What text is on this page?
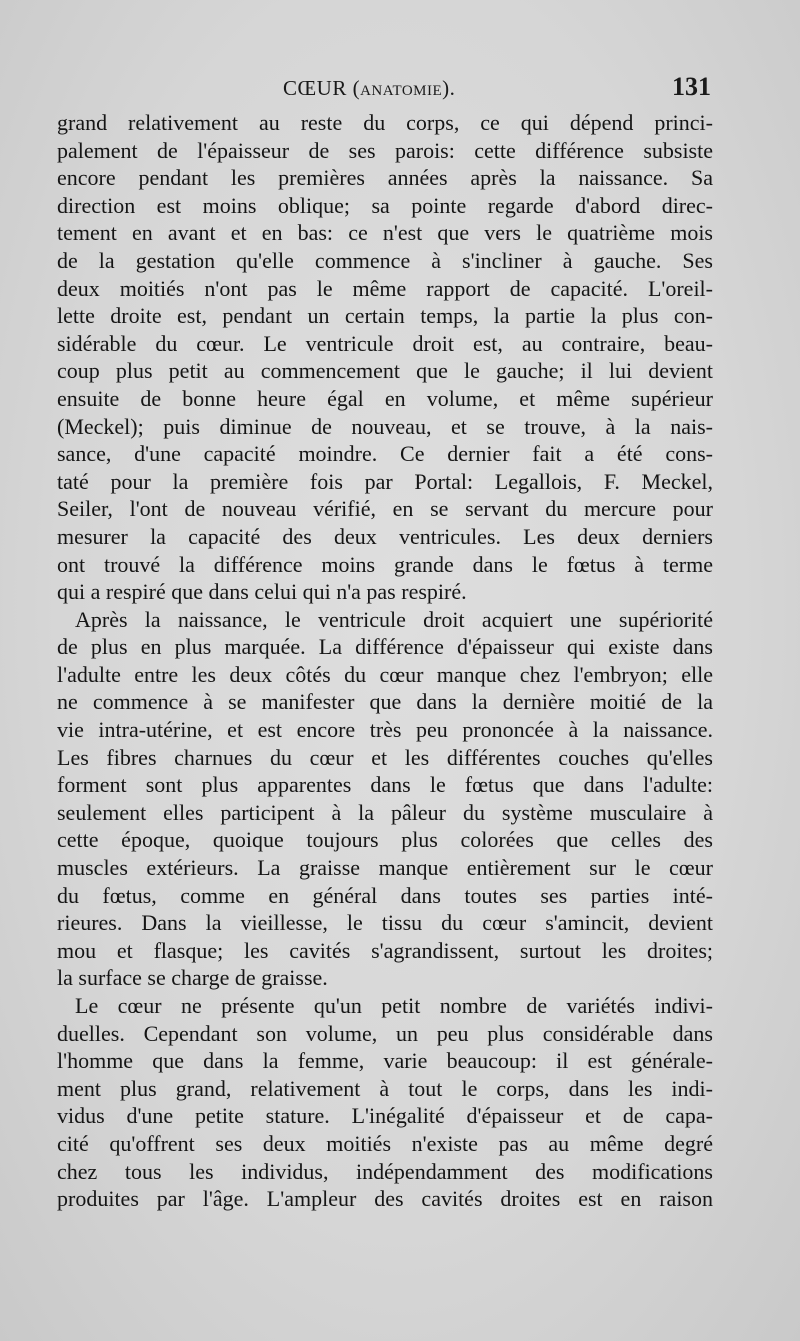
CŒUR (anatomie).	131
grand relativement au reste du corps, ce qui dépend princi-
palement de l'épaisseur de ses parois: cette différence subsiste
encore pendant les premières années après la naissance. Sa
direction est moins oblique; sa pointe regarde d'abord direc-
tement en avant et en bas: ce n'est que vers le quatrième mois
de la gestation qu'elle commence à s'incliner à gauche. Ses
deux moitiés n'ont pas le même rapport de capacité. L'oreil-
lette droite est, pendant un certain temps, la partie la plus con-
sidérable du cœur. Le ventricule droit est, au contraire, beau-
coup plus petit au commencement que le gauche; il lui devient
ensuite de bonne heure égal en volume, et même supérieur
(Meckel); puis diminue de nouveau, et se trouve, à la nais-
sance, d'une capacité moindre. Ce dernier fait a été cons-
taté pour la première fois par Portal: Legallois, F. Meckel,
Seiler, l'ont de nouveau vérifié, en se servant du mercure pour
mesurer la capacité des deux ventricules. Les deux derniers
ont trouvé la différence moins grande dans le fœtus à terme
qui a respiré que dans celui qui n'a pas respiré.
Après la naissance, le ventricule droit acquiert une supériorité
de plus en plus marquée. La différence d'épaisseur qui existe dans
l'adulte entre les deux côtés du cœur manque chez l'embryon; elle
ne commence à se manifester que dans la dernière moitié de la
vie intra-utérine, et est encore très peu prononcée à la naissance.
Les fibres charnues du cœur et les différentes couches qu'elles
forment sont plus apparentes dans le fœtus que dans l'adulte:
seulement elles participent à la pâleur du système musculaire à
cette époque, quoique toujours plus colorées que celles des
muscles extérieurs. La graisse manque entièrement sur le cœur
du fœtus, comme en général dans toutes ses parties inté-
rieures. Dans la vieillesse, le tissu du cœur s'amincit, devient
mou et flasque; les cavités s'agrandissent, surtout les droites;
la surface se charge de graisse.
Le cœur ne présente qu'un petit nombre de variétés indivi-
duelles. Cependant son volume, un peu plus considérable dans
l'homme que dans la femme, varie beaucoup: il est générale-
ment plus grand, relativement à tout le corps, dans les indi-
vidus d'une petite stature. L'inégalité d'épaisseur et de capa-
cité qu'offrent ses deux moitiés n'existe pas au même degré
chez tous les individus, indépendamment des modifications
produites par l'âge. L'ampleur des cavités droites est en raison
